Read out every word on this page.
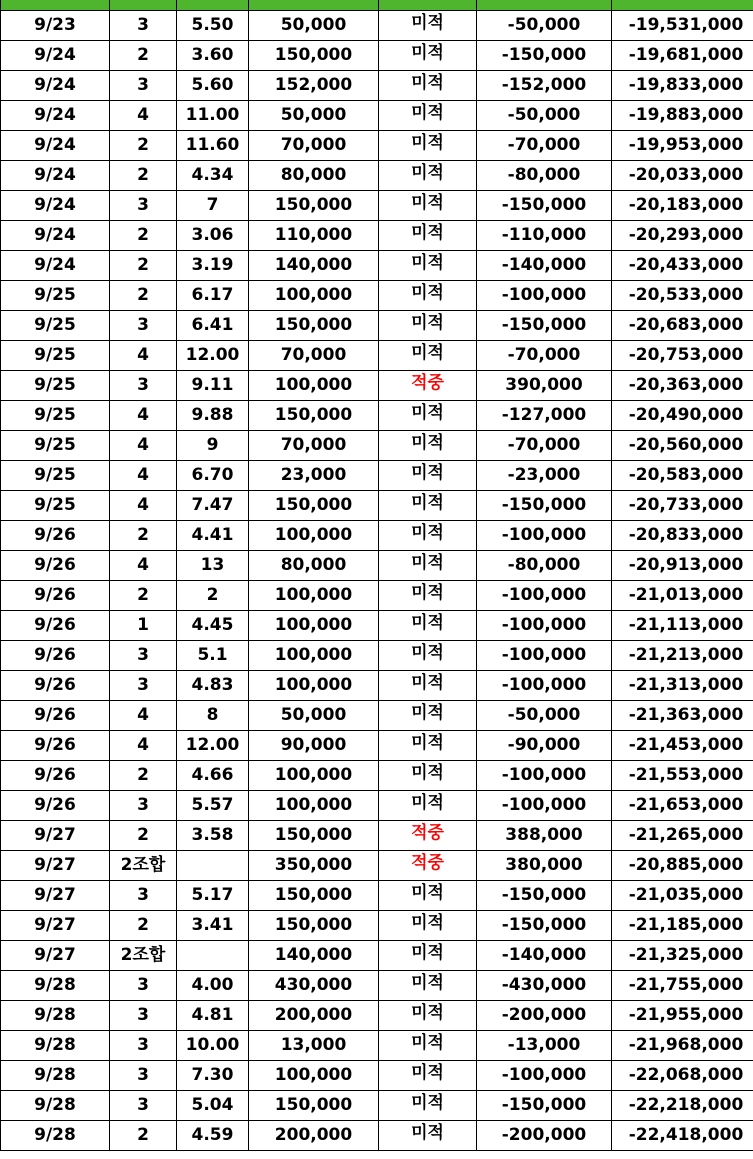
9/23	3	5.50	50,000	미적	-50,000	-19,531,000
9/24	2	3.60	150,000	미적	-150,000	-19,681,000
9/24	3	5.60	152,000	미적	-152,000	-19,833,000
9/24	4	11.00	50,000	미적	-50,000	-19,883,000
9/24	2	11.60	70,000	미적	-70,000	-19,953,000
9/24	2	4.34	80,000	미적	-80,000	-20,033,000
9/24	3	7	150,000	미적	-150,000	-20,183,000
9/24	2	3.06	110,000	미적	-110,000	-20,293,000
9/24	2	3.19	140,000	미적	-140,000	-20,433,000
9/25	2	6.17	100,000	미적	-100,000	-20,533,000
9/25	3	6.41	150,000	미적	-150,000	-20,683,000
9/25	4	12.00	70,000	미적	-70,000	-20,753,000
9/25	3	9.11	100,000	적중	390,000	-20,363,000
9/25	4	9.88	150,000	미적	-127,000	-20,490,000
9/25	4	9	70,000	미적	-70,000	-20,560,000
9/25	4	6.70	23,000	미적	-23,000	-20,583,000
9/25	4	7.47	150,000	미적	-150,000	-20,733,000
9/26	2	4.41	100,000	미적	-100,000	-20,833,000
9/26	4	13	80,000	미적	-80,000	-20,913,000
9/26	2	2	100,000	미적	-100,000	-21,013,000
9/26	1	4.45	100,000	미적	-100,000	-21,113,000
9/26	3	5.1	100,000	미적	-100,000	-21,213,000
9/26	3	4.83	100,000	미적	-100,000	-21,313,000
9/26	4	8	50,000	미적	-50,000	-21,363,000
9/26	4	12.00	90,000	미적	-90,000	-21,453,000
9/26	2	4.66	100,000	미적	-100,000	-21,553,000
9/26	3	5.57	100,000	미적	-100,000	-21,653,000
9/27	2	3.58	150,000	적중	388,000	-21,265,000
9/27	2조합		350,000	적중	380,000	-20,885,000
9/27	3	5.17	150,000	미적	-150,000	-21,035,000
9/27	2	3.41	150,000	미적	-150,000	-21,185,000
9/27	2조합		140,000	미적	-140,000	-21,325,000
9/28	3	4.00	430,000	미적	-430,000	-21,755,000
9/28	3	4.81	200,000	미적	-200,000	-21,955,000
9/28	3	10.00	13,000	미적	-13,000	-21,968,000
9/28	3	7.30	100,000	미적	-100,000	-22,068,000
9/28	3	5.04	150,000	미적	-150,000	-22,218,000
9/28	2	4.59	200,000	미적	-200,000	-22,418,000
